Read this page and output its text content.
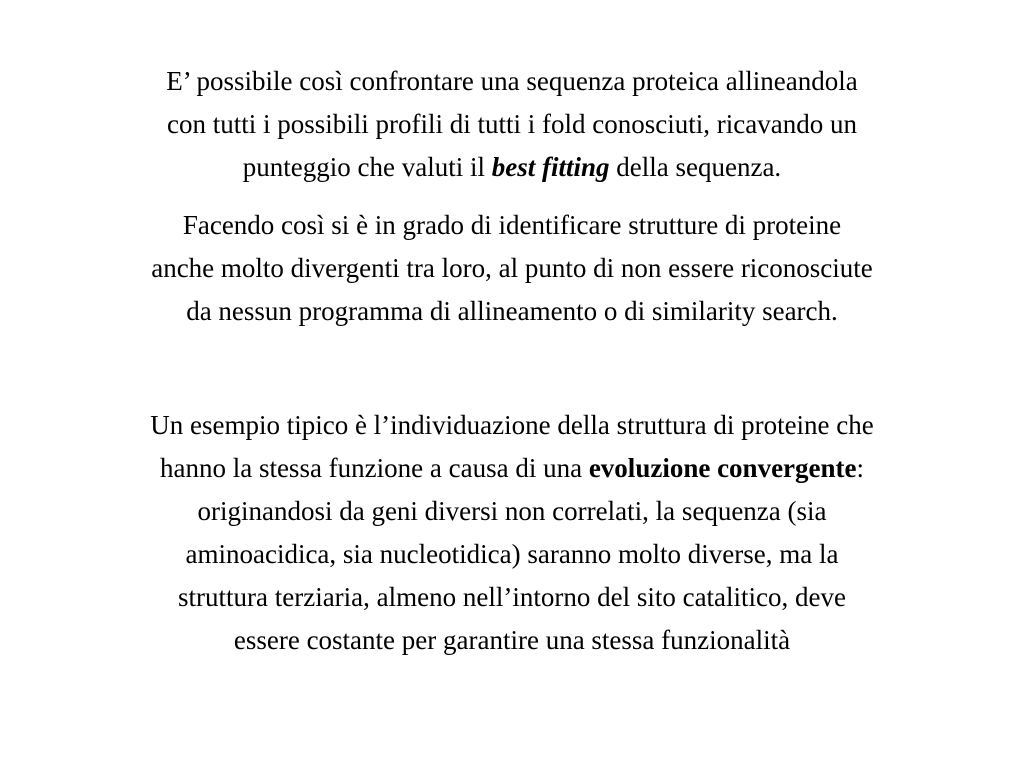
E’ possibile così confrontare una sequenza proteica allineandola
con tutti i possibili profili di tutti i fold conosciuti, ricavando un
punteggio che valuti il best fitting della sequenza.

Facendo così si è in grado di identificare strutture di proteine
anche molto divergenti tra loro, al punto di non essere riconosciute
da nessun programma di allineamento o di similarity search.

Un esempio tipico è l’individuazione della struttura di proteine che
hanno la stessa funzione a causa di una evoluzione convergente:
originandosi da geni diversi non correlati, la sequenza (sia
aminoacidica, sia nucleotidica) saranno molto diverse, ma la
struttura terziaria, almeno nell’intorno del sito catalitico, deve
essere costante per garantire una stessa funzionalità
